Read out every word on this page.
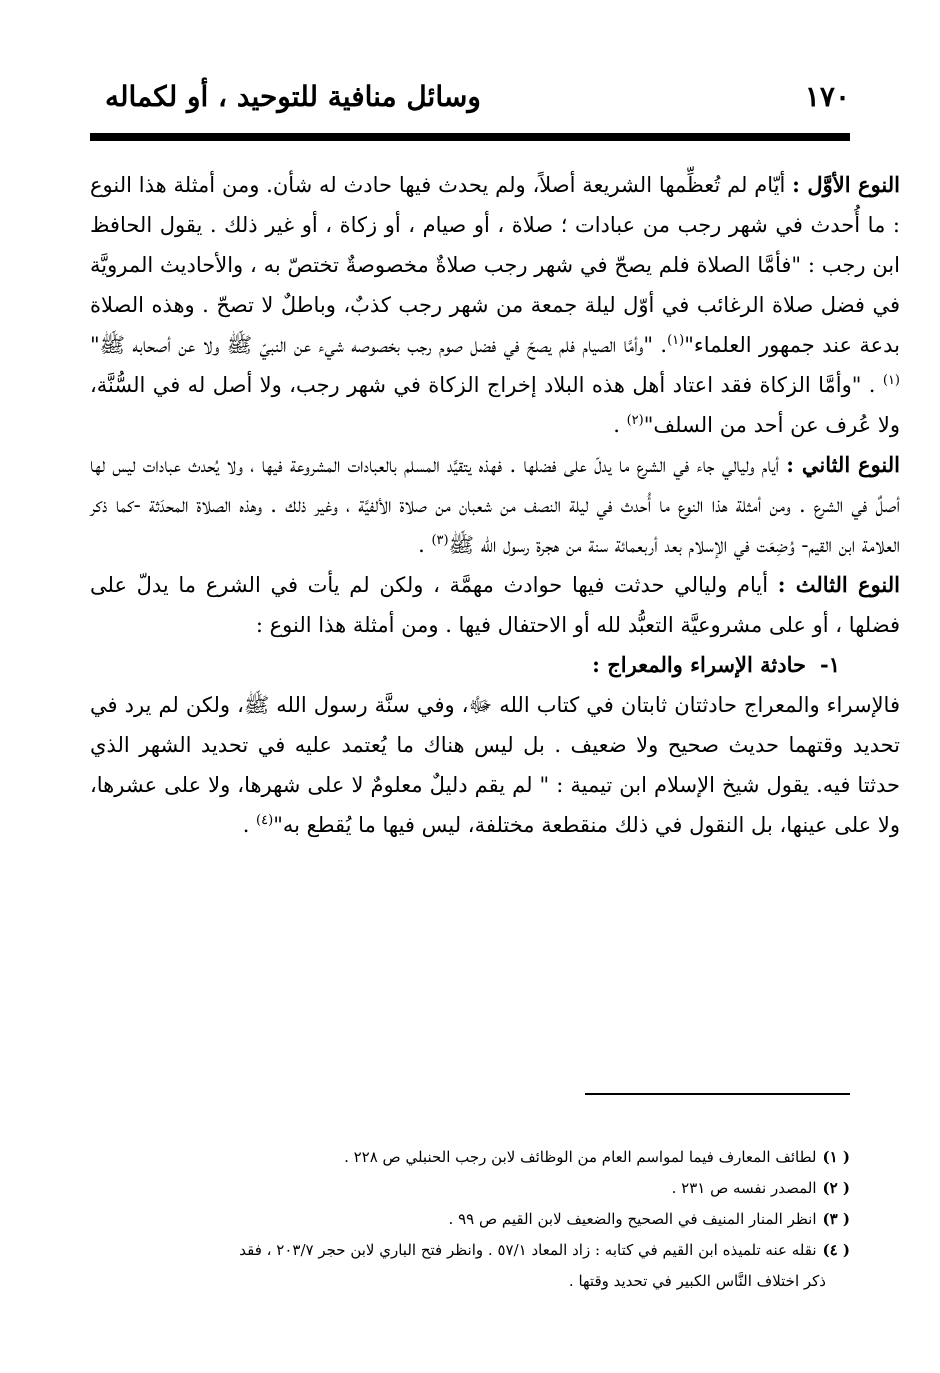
١٧٠
وسائل منافية للتوحيد ، أو لكماله

النوع الأوَّل : أيّام لم تُعظِّمها الشريعة أصلاً، ولم يحدث فيها حادث له شأن. ومن أمثلة هذا النوع : ما أُحدث في شهر رجب من عبادات ؛ صلاة ، أو صيام ، أو زكاة ، أو غير ذلك . يقول الحافظ ابن رجب : "فأمَّا الصلاة فلم يصحّ في شهر رجب صلاةٌ مخصوصةٌ تختصّ به ، والأحاديث المرويَّة في فضل صلاة الرغائب في أوّل ليلة جمعة من شهر رجب كذبٌ، وباطلٌ لا تصحّ . وهذه الصلاة بدعة عند جمهور العلماء"$^{(١)}$. "وأمَّا الصيام فلم يصحّ في فضل صوم رجب بخصوصه شيء عن النبيّ ﷺ ولا عن أصحابه ﷺ"$^{(١)}$ . "وأمَّا الزكاة فقد اعتاد أهل هذه البلاد إخراج الزكاة في شهر رجب، ولا أصل له في السُّنَّة، ولا عُرف عن أحد من السلف"$^{(٢)}$ .

النوع الثاني : أيام وليالي جاء في الشرع ما يدلّ على فضلها . فهذه يتقيَّد المسلم بالعبادات المشروعة فيها ، ولا يُحدث عبادات ليس لها أصلٌ في الشرع . ومن أمثلة هذا النوع ما أُحدث في ليلة النصف من شعبان من صلاة الألفيَّة ، وغير ذلك . وهذه الصلاة المحدَثة -كما ذكر العلامة ابن القيم- وُضِعَت في الإسلام بعد أربعمائة سنة من هجرة رسول الله ﷺ$^{(٣)}$ .

النوع الثالث : أيام وليالي حدثت فيها حوادث مهمَّة ، ولكن لم يأت في الشرع ما يدلّ على فضلها ، أو على مشروعيَّة التعبُّد لله أو الاحتفال فيها . ومن أمثلة هذا النوع :

١-حادثة الإسراء والمعراج :

فالإسراء والمعراج حادثتان ثابتان في كتاب الله ﷻ، وفي سنَّة رسول الله ﷺ، ولكن لم يرد في تحديد وقتهما حديث صحيح ولا ضعيف . بل ليس هناك ما يُعتمد عليه في تحديد الشهر الذي حدثتا فيه. يقول شيخ الإسلام ابن تيمية : " لم يقم دليلٌ معلومٌ لا على شهرها، ولا على عشرها، ولا على عينها، بل النقول في ذلك منقطعة مختلفة، ليس فيها ما يُقطع به"$^{(٤)}$ .

( ١)لطائف المعارف فيما لمواسم العام من الوظائف لابن رجب الحنبلي ص ٢٢٨ .

( ٢)المصدر نفسه ص ٢٣١ .

( ٣)انظر المنار المنيف في الصحيح والضعيف لابن القيم ص ٩٩ .

( ٤)نقله عنه تلميذه ابن القيم في كتابه : زاد المعاد ٥٧/١ . وانظر فتح الباري لابن حجر ٢٠٣/٧ ، فقد

ذكر اختلاف النَّاس الكبير في تحديد وقتها .
